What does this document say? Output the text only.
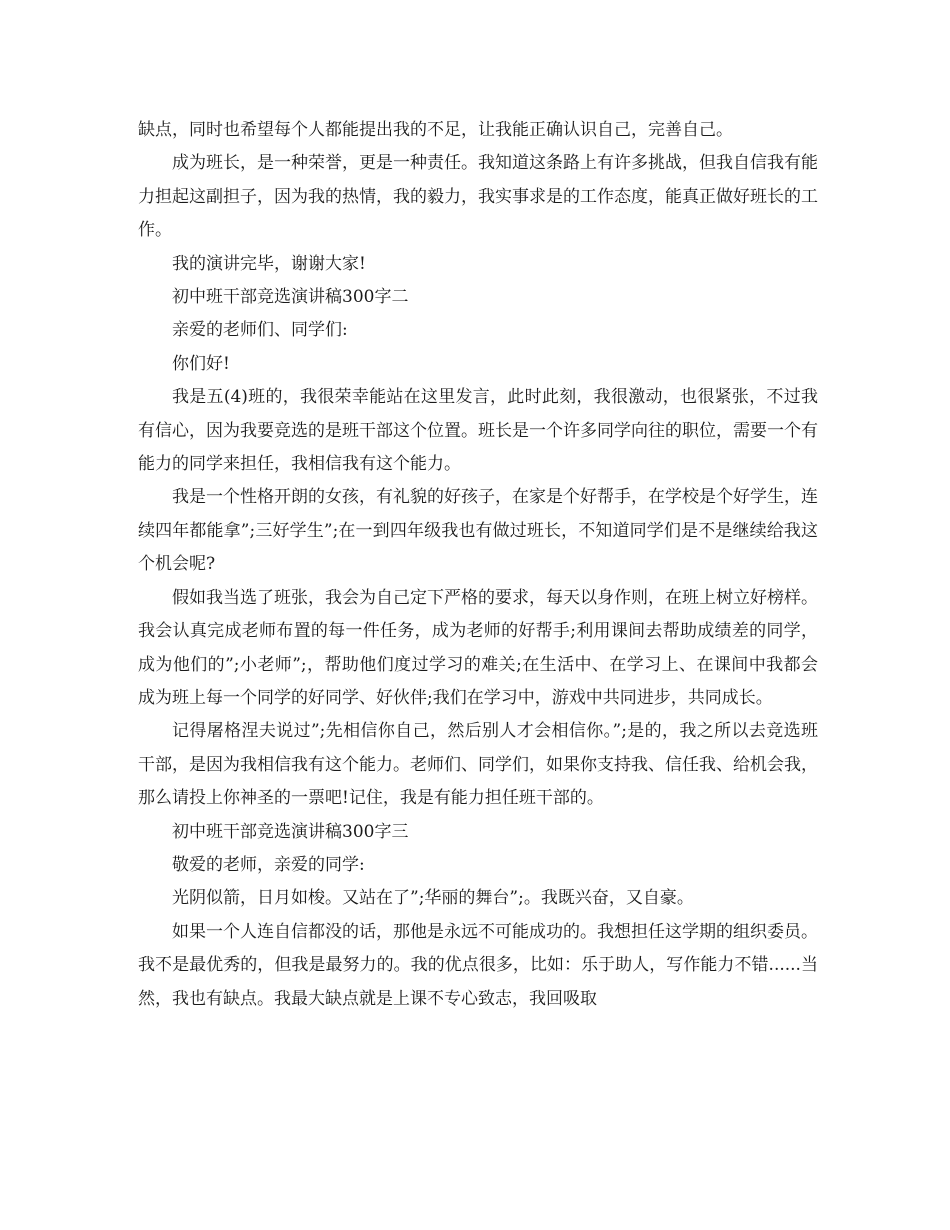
缺点，同时也希望每个人都能提出我的不足，让我能正确认识自己，完善自己。

成为班长，是一种荣誉，更是一种责任。我知道这条路上有许多挑战，但我自信我有能力担起这副担子，因为我的热情，我的毅力，我实事求是的工作态度，能真正做好班长的工作。

我的演讲完毕，谢谢大家!

初中班干部竞选演讲稿300字二

亲爱的老师们、同学们:

你们好!

我是五(4)班的，我很荣幸能站在这里发言，此时此刻，我很激动，也很紧张，不过我有信心，因为我要竞选的是班干部这个位置。班长是一个许多同学向往的职位，需要一个有能力的同学来担任，我相信我有这个能力。

我是一个性格开朗的女孩，有礼貌的好孩子，在家是个好帮手，在学校是个好学生，连续四年都能拿”;三好学生”;在一到四年级我也有做过班长，不知道同学们是不是继续给我这个机会呢?

假如我当选了班张，我会为自己定下严格的要求，每天以身作则，在班上树立好榜样。我会认真完成老师布置的每一件任务，成为老师的好帮手;利用课间去帮助成绩差的同学，成为他们的”;小老师”;，帮助他们度过学习的难关;在生活中、在学习上、在课间中我都会成为班上每一个同学的好同学、好伙伴;我们在学习中，游戏中共同进步，共同成长。

记得屠格涅夫说过”;先相信你自己，然后别人才会相信你。”;是的，我之所以去竞选班干部，是因为我相信我有这个能力。老师们、同学们，如果你支持我、信任我、给机会我，那么请投上你神圣的一票吧!记住，我是有能力担任班干部的。

初中班干部竞选演讲稿300字三

敬爱的老师，亲爱的同学:

光阴似箭，日月如梭。又站在了”;华丽的舞台”;。我既兴奋，又自豪。

如果一个人连自信都没的话，那他是永远不可能成功的。我想担任这学期的组织委员。我不是最优秀的，但我是最努力的。我的优点很多，比如：乐于助人，写作能力不错......当然，我也有缺点。我最大缺点就是上课不专心致志，我回吸取
